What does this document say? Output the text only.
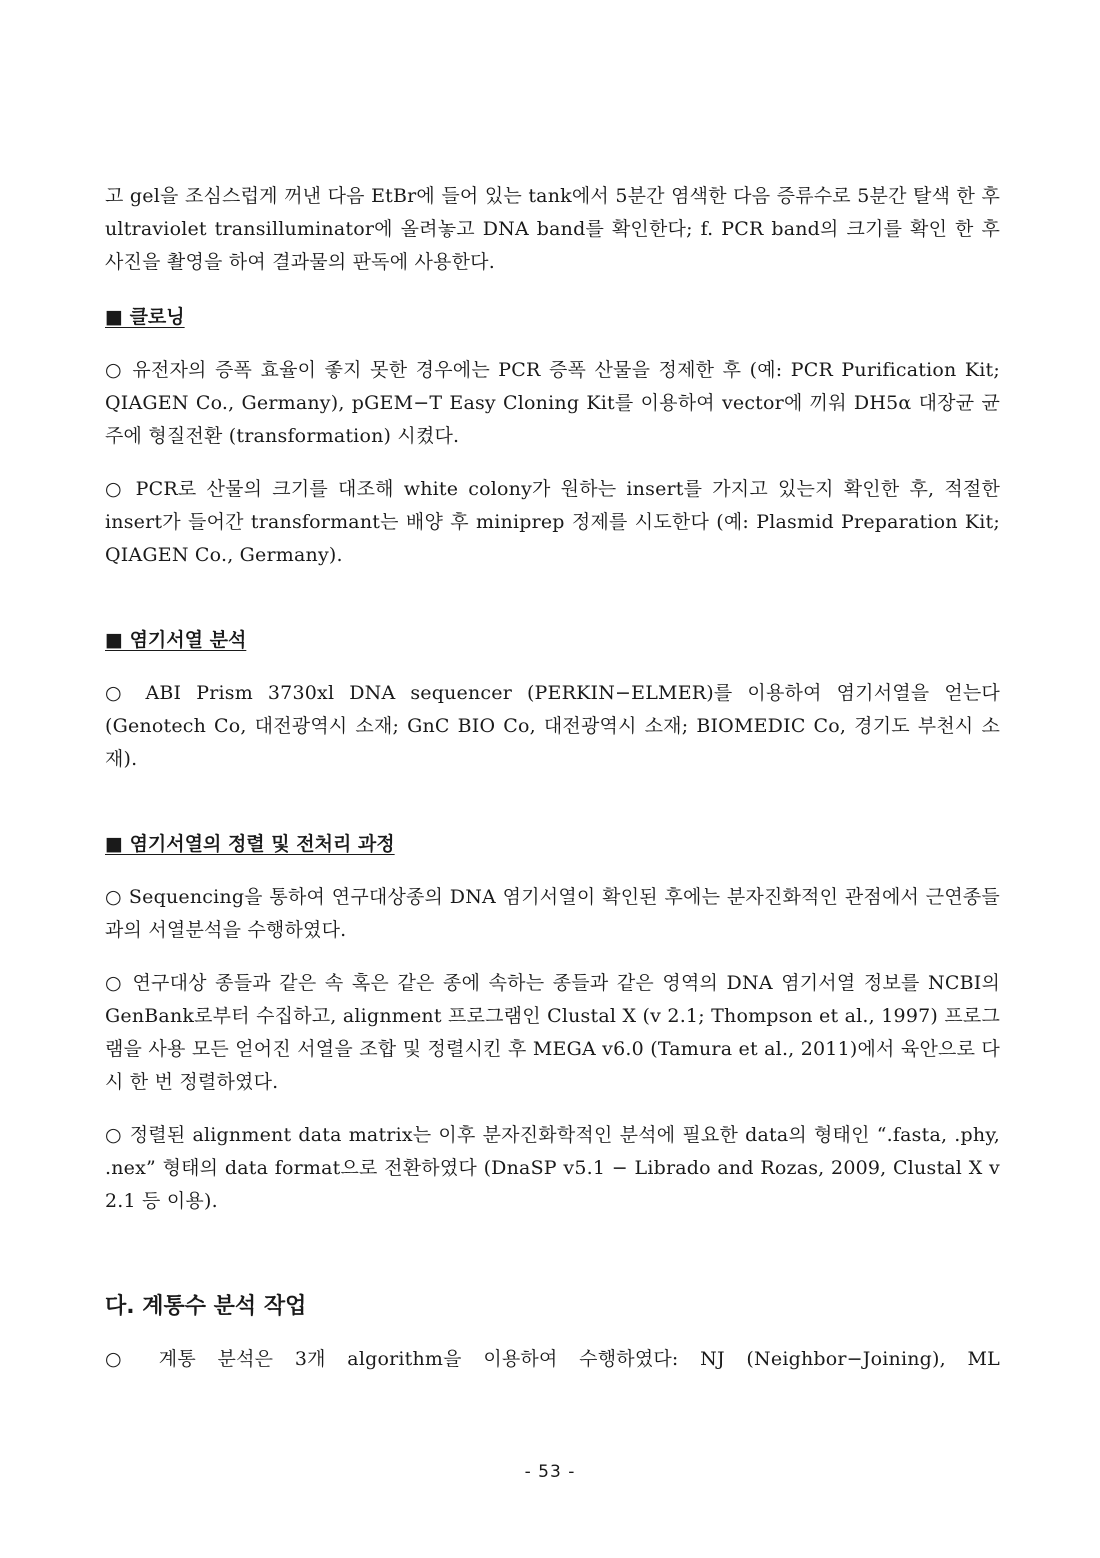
고 gel을 조심스럽게 꺼낸 다음 EtBr에 들어 있는 tank에서 5분간 염색한 다음 증류수로 5분간 탈색 한 후 ultraviolet transilluminator에 올려놓고 DNA band를 확인한다; f. PCR band의 크기를 확인 한 후 사진을 촬영을 하여 결과물의 판독에 사용한다.

■ 클로닝

○ 유전자의 증폭 효율이 좋지 못한 경우에는 PCR 증폭 산물을 정제한 후 (예: PCR Purification Kit; QIAGEN Co., Germany), pGEM−T Easy Cloning Kit를 이용하여 vector에 끼워 DH5α 대장균 균주에 형질전환 (transformation) 시켰다.

○ PCR로 산물의 크기를 대조해 white colony가 원하는 insert를 가지고 있는지 확인한 후, 적절한 insert가 들어간 transformant는 배양 후 miniprep 정제를 시도한다 (예: Plasmid Preparation Kit; QIAGEN Co., Germany).

■ 염기서열 분석

○ ABI Prism 3730xl DNA sequencer (PERKIN−ELMER)를 이용하여 염기서열을 얻는다 (Genotech Co, 대전광역시 소재; GnC BIO Co, 대전광역시 소재; BIOMEDIC Co, 경기도 부천시 소재).

■ 염기서열의 정렬 및 전처리 과정

○ Sequencing을 통하여 연구대상종의 DNA 염기서열이 확인된 후에는 분자진화적인 관점에서 근연종들과의 서열분석을 수행하였다.

○ 연구대상 종들과 같은 속 혹은 같은 종에 속하는 종들과 같은 영역의 DNA 염기서열 정보를 NCBI의 GenBank로부터 수집하고, alignment 프로그램인 Clustal X (v 2.1; Thompson et al., 1997) 프로그램을 사용 모든 얻어진 서열을 조합 및 정렬시킨 후 MEGA v6.0 (Tamura et al., 2011)에서 육안으로 다시 한 번 정렬하였다.

○ 정렬된 alignment data matrix는 이후 분자진화학적인 분석에 필요한 data의 형태인 “.fasta, .phy, .nex” 형태의 data format으로 전환하였다 (DnaSP v5.1 − Librado and Rozas, 2009, Clustal X v 2.1 등 이용).

다. 계통수 분석 작업

○ 계통 분석은 3개 algorithm을 이용하여 수행하였다: NJ (Neighbor−Joining), ML

- 53 -
